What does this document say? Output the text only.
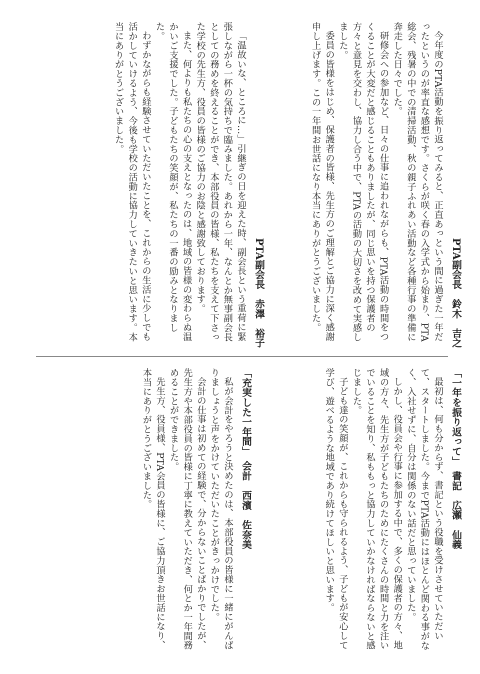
PTA副会長　鈴木　吉之

今年度のPTA活動を振り返ってみると、正直あっという間に過ぎた一年だったというのが率直な感想です。さくらが咲く春の入学式から始まり、PTA総会、残暑の中での清掃活動、秋の親子ふれあい活動など各種行事の準備に奔走した日々でした。

研修会への参加など、日々の仕事に追われながらも、PTA活動の時間をつくることが大変だと感じることもありましたが、同じ思いを持つ保護者の方々と意見を交わし、協力し合う中で、PTAの活動の大切さを改めて実感しました。

委員の皆様をはじめ、保護者の皆様、先生方のご理解とご協力に深く感謝申し上げます。この一年間お世話になり本当にありがとうございました。

PTA副会長　赤澤　裕子

「温故いな、ところに…」引継ぎの日を迎えた時、副会長という重荷に緊張しながら一杯の気持ちで臨みました。あれから一年、なんとか無事副会長としての務めを終えることができ、本部役員の皆様、私たちを支えて下さった学校の先生方、役員の皆様のご協力のお陰と感謝致しております。

また、何よりも私たちの心の支えとなったのは、地域の皆様の変わらぬ温かいご支援でした。子どもたちの笑顔が、私たちの一番の励みとなりました。

わずかながらも経験させていただいたことを、これからの生活に少しでも活かしていけるよう、今後も学校の活動に協力していきたいと思います。本当にありがとうございました。

「一年を振り返って」　書記　広瀬　仙義

最初は、何も分からず、書記という役職を受けさせていただいて、スタートしました。今までPTA活動にはほとんど関わる事がなく、入社せずに、自分は関係のない話だと思っていました。

しかし、役員会や行事に参加する中で、多くの保護者の方々、地域の方々、先生方が子どもたちのためにたくさんの時間と力を注いでいることを知り、私ももっと協力していかなければならないと感じました。

子ども達の笑顔が、これからも守られるよう、子どもが安心して学び、遊べるような地域であり続けてほしいと思います。

「充実した一年間」　会計　西濱　佐奈美

私が会計をやろうと決めたのは、本部役員の皆様に一緒にがんばりましょうと声をかけていただいたことがきっかけでした。

会計の仕事は初めての経験で、分からないことばかりでしたが、先生方や本部役員の皆様に丁寧に教えていただき、何とか一年間務めることができました。

先生方、役員様、PTA会員の皆様に、ご協力頂きお世話になり、本当にありがとうございました。
